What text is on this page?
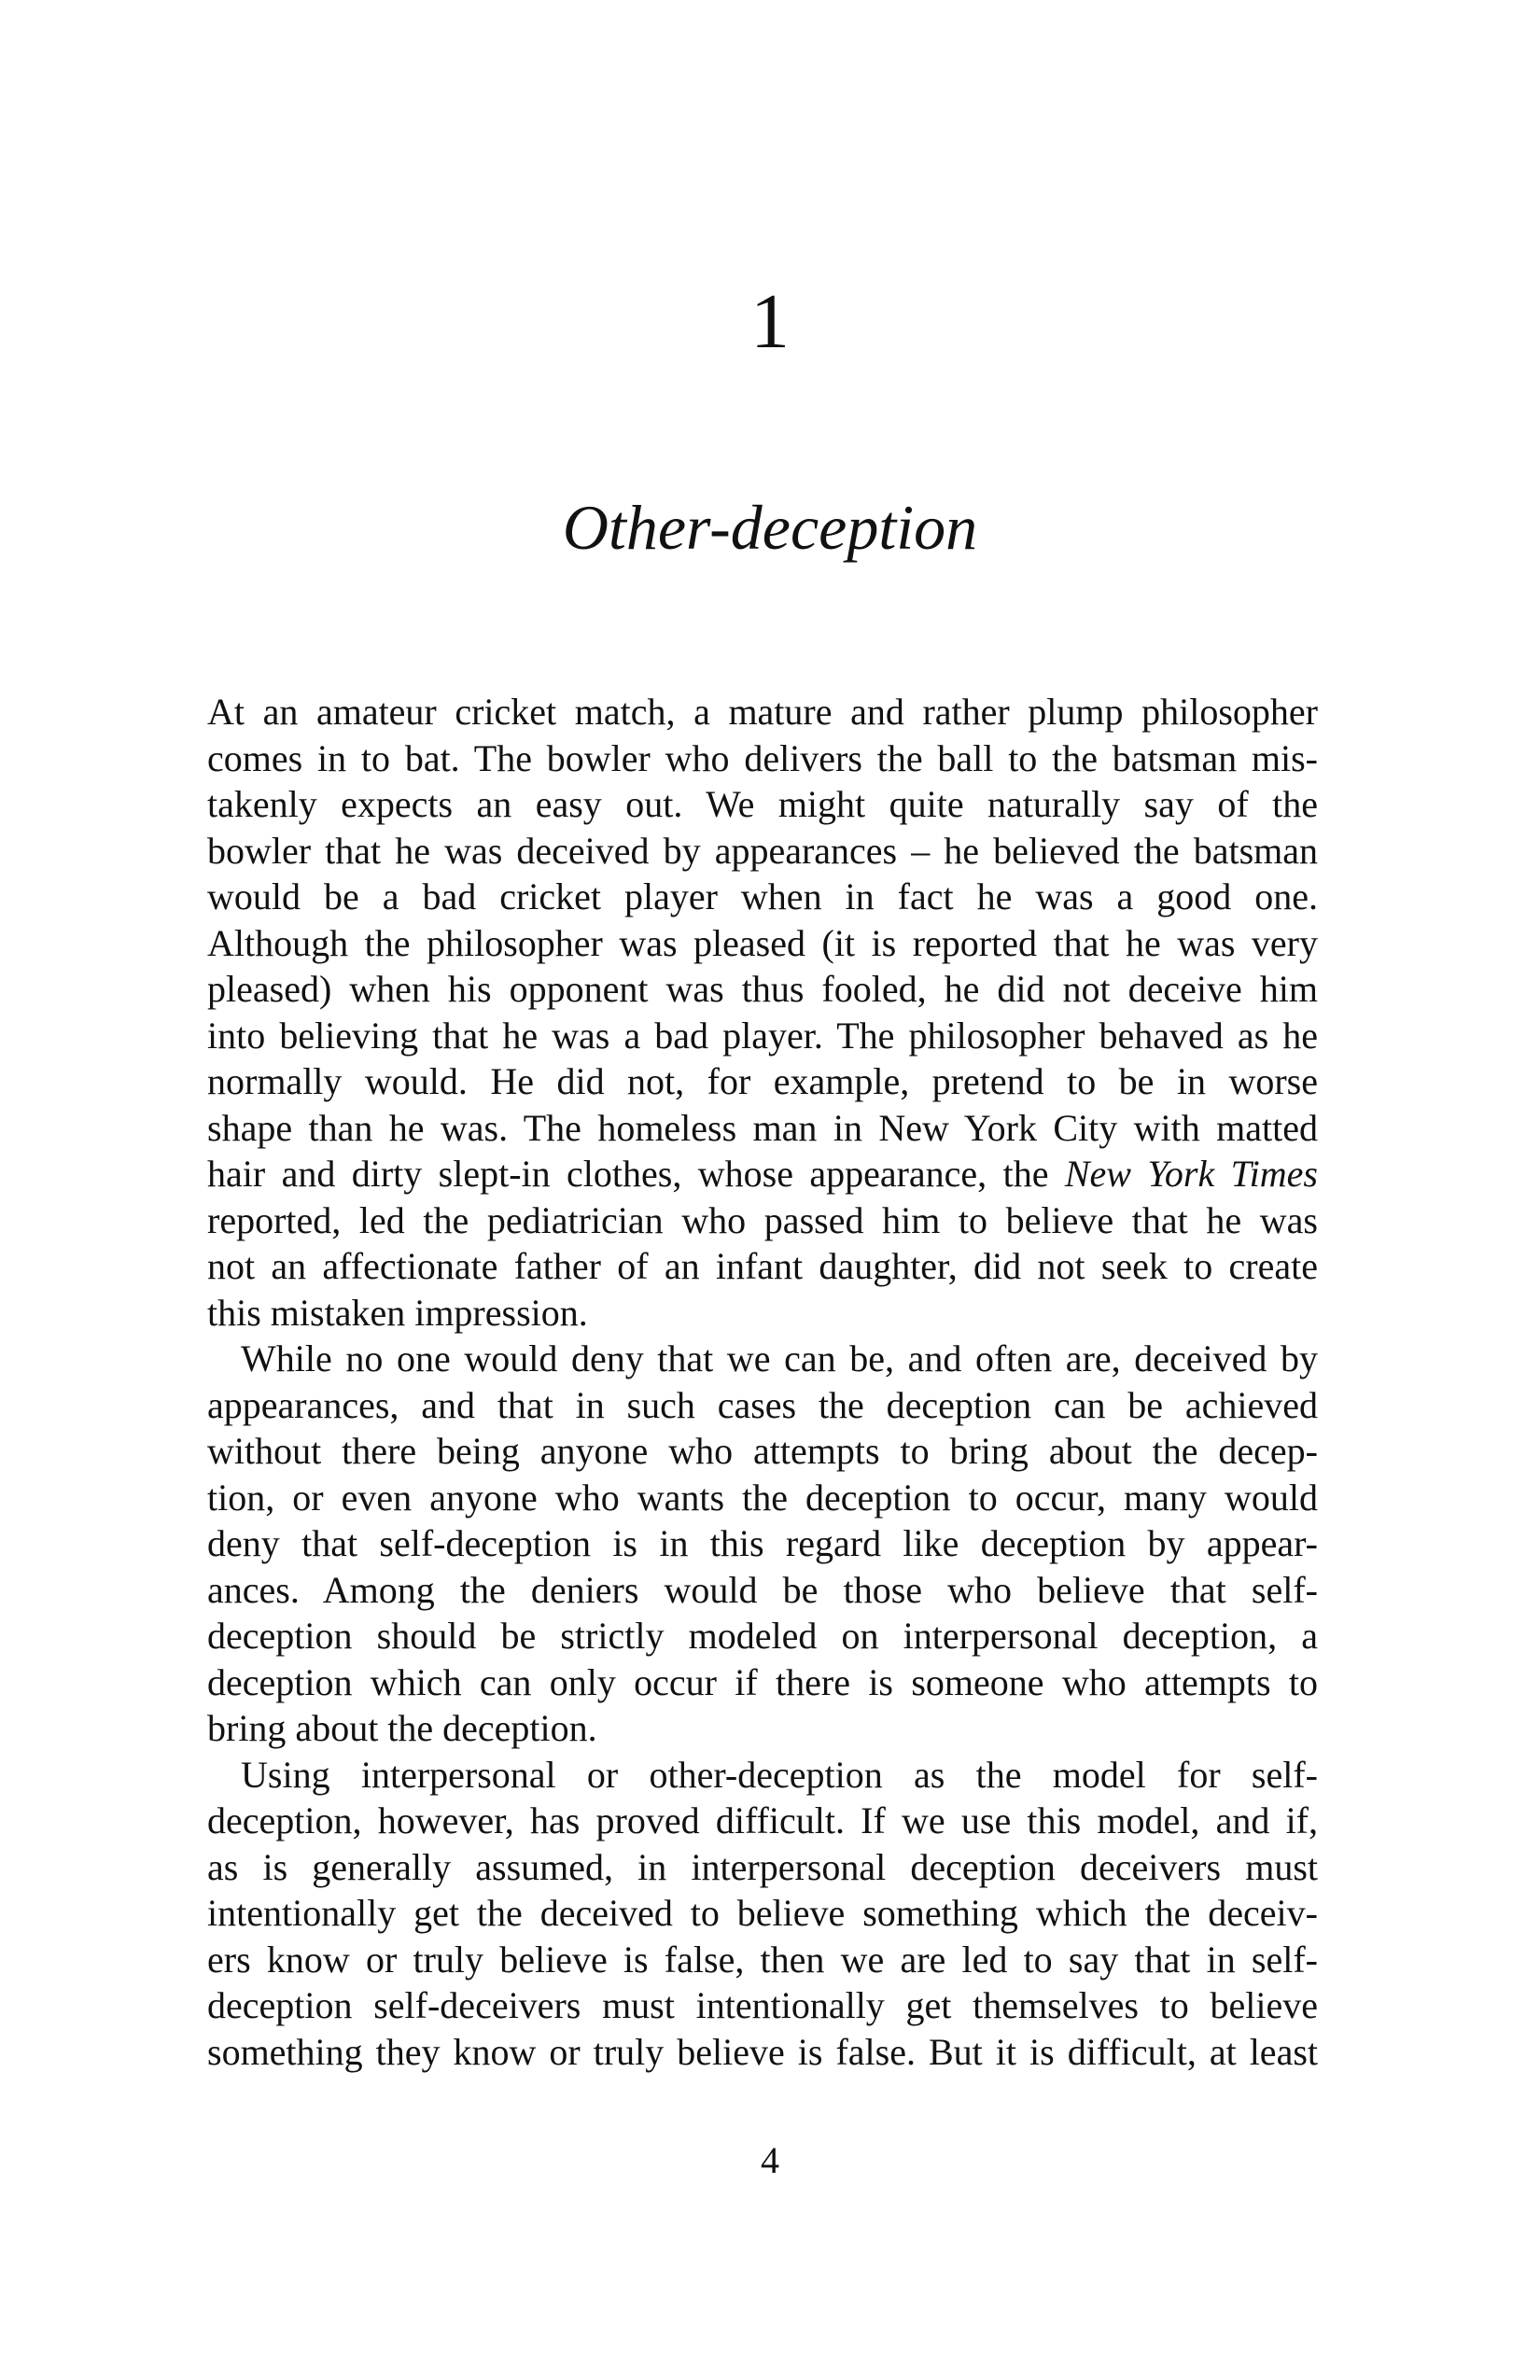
1
Other-deception
At an amateur cricket match, a mature and rather plump philosopher
comes in to bat. The bowler who delivers the ball to the batsman mis-
takenly expects an easy out. We might quite naturally say of the
bowler that he was deceived by appearances – he believed the batsman
would be a bad cricket player when in fact he was a good one.
Although the philosopher was pleased (it is reported that he was very
pleased) when his opponent was thus fooled, he did not deceive him
into believing that he was a bad player. The philosopher behaved as he
normally would. He did not, for example, pretend to be in worse
shape than he was. The homeless man in New York City with matted
hair and dirty slept-in clothes, whose appearance, the New York Times
reported, led the pediatrician who passed him to believe that he was
not an affectionate father of an infant daughter, did not seek to create
this mistaken impression.
While no one would deny that we can be, and often are, deceived by
appearances, and that in such cases the deception can be achieved
without there being anyone who attempts to bring about the decep-
tion, or even anyone who wants the deception to occur, many would
deny that self-deception is in this regard like deception by appear-
ances. Among the deniers would be those who believe that self-
deception should be strictly modeled on interpersonal deception, a
deception which can only occur if there is someone who attempts to
bring about the deception.
Using interpersonal or other-deception as the model for self-
deception, however, has proved difficult. If we use this model, and if,
as is generally assumed, in interpersonal deception deceivers must
intentionally get the deceived to believe something which the deceiv-
ers know or truly believe is false, then we are led to say that in self-
deception self-deceivers must intentionally get themselves to believe
something they know or truly believe is false. But it is difficult, at least
4
